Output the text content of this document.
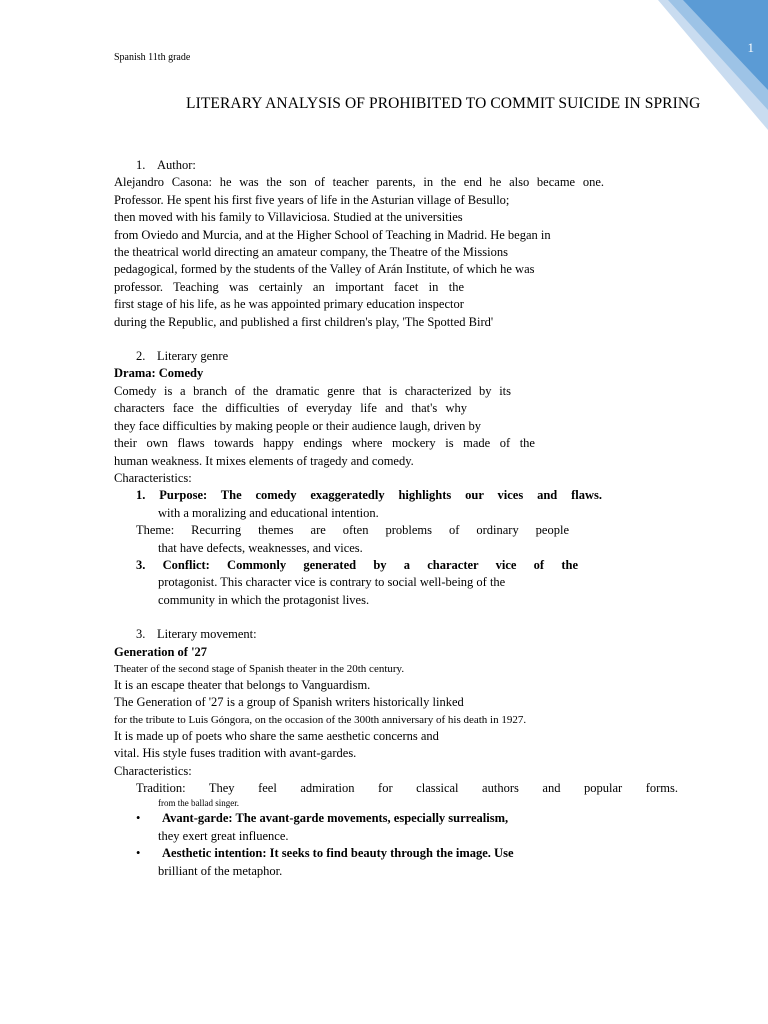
1
Spanish 11th grade
LITERARY ANALYSIS OF PROHIBITED TO COMMIT SUICIDE IN SPRING

1. Author:

Alejandro Casona: he was the son of teacher parents, in the end he also became one.

Professor. He spent his first five years of life in the Asturian village of Besullo;

then moved with his family to Villaviciosa. Studied at the universities

from Oviedo and Murcia, and at the Higher School of Teaching in Madrid. He began in

the theatrical world directing an amateur company, the Theatre of the Missions

pedagogical, formed by the students of the Valley of Arán Institute, of which he was

professor. Teaching was certainly an important facet in the

first stage of his life, as he was appointed primary education inspector

during the Republic, and published a first children's play, 'The Spotted Bird'

2. Literary genre

Drama: Comedy

Comedy is a branch of the dramatic genre that is characterized by its

characters face the difficulties of everyday life and that's why

they face difficulties by making people or their audience laugh, driven by

their own flaws towards happy endings where mockery is made of the

human weakness. It mixes elements of tragedy and comedy.

Characteristics:

1. Purpose: The comedy exaggeratedly highlights our vices and flaws.

with a moralizing and educational intention.

Theme: Recurring themes are often problems of ordinary people

that have defects, weaknesses, and vices.

3. Conflict: Commonly generated by a character vice of the

protagonist. This character vice is contrary to social well-being of the

community in which the protagonist lives.

3. Literary movement:

Generation of '27

Theater of the second stage of Spanish theater in the 20th century.

It is an escape theater that belongs to Vanguardism.

The Generation of '27 is a group of Spanish writers historically linked

for the tribute to Luis Góngora, on the occasion of the 300th anniversary of his death in 1927.

It is made up of poets who share the same aesthetic concerns and

vital. His style fuses tradition with avant-gardes.

Characteristics:

Tradition: They feel admiration for classical authors and popular forms.

from the ballad singer.

•	Avant-garde: The avant-garde movements, especially surrealism,

they exert great influence.

•	Aesthetic intention: It seeks to find beauty through the image. Use

brilliant of the metaphor.
